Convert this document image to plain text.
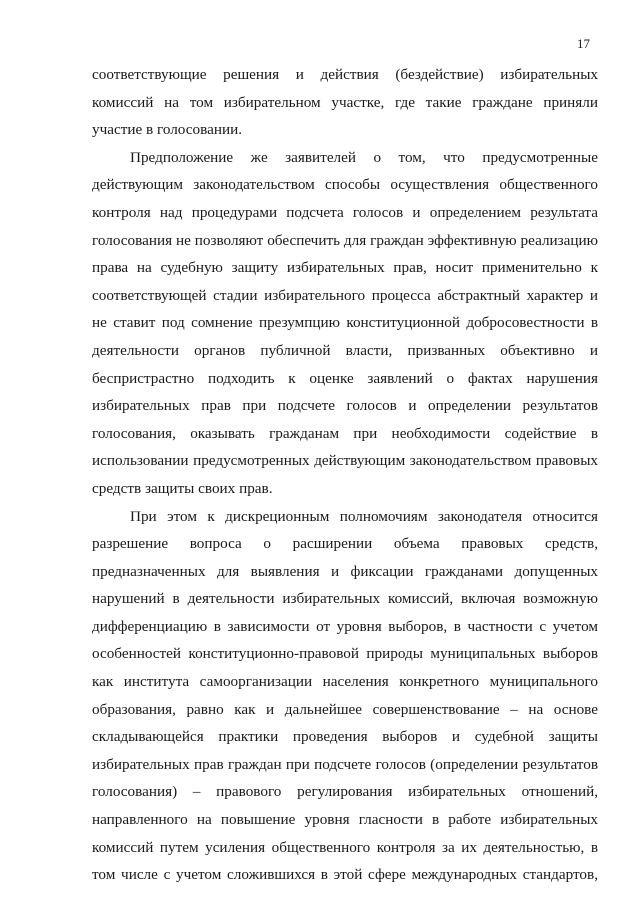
17
соответствующие решения и действия (бездействие) избирательных
комиссий на том избирательном участке, где такие граждане приняли
участие в голосовании.
Предположение же заявителей о том, что предусмотренные
действующим законодательством способы осуществления общественного
контроля над процедурами подсчета голосов и определением результата
голосования не позволяют обеспечить для граждан эффективную реализацию
права на судебную защиту избирательных прав, носит применительно к
соответствующей стадии избирательного процесса абстрактный характер и
не ставит под сомнение презумпцию конституционной добросовестности в
деятельности органов публичной власти, призванных объективно и
беспристрастно подходить к оценке заявлений о фактах нарушения
избирательных прав при подсчете голосов и определении результатов
голосования, оказывать гражданам при необходимости содействие в
использовании предусмотренных действующим законодательством правовых
средств защиты своих прав.
При этом к дискреционным полномочиям законодателя относится
разрешение вопроса о расширении объема правовых средств,
предназначенных для выявления и фиксации гражданами допущенных
нарушений в деятельности избирательных комиссий, включая возможную
дифференциацию в зависимости от уровня выборов, в частности с учетом
особенностей конституционно-правовой природы муниципальных выборов
как института самоорганизации населения конкретного муниципального
образования, равно как и дальнейшее совершенствование – на основе
складывающейся практики проведения выборов и судебной защиты
избирательных прав граждан при подсчете голосов (определении результатов
голосования) – правового регулирования избирательных отношений,
направленного на повышение уровня гласности в работе избирательных
комиссий путем усиления общественного контроля за их деятельностью, в
том числе с учетом сложившихся в этой сфере международных стандартов,
